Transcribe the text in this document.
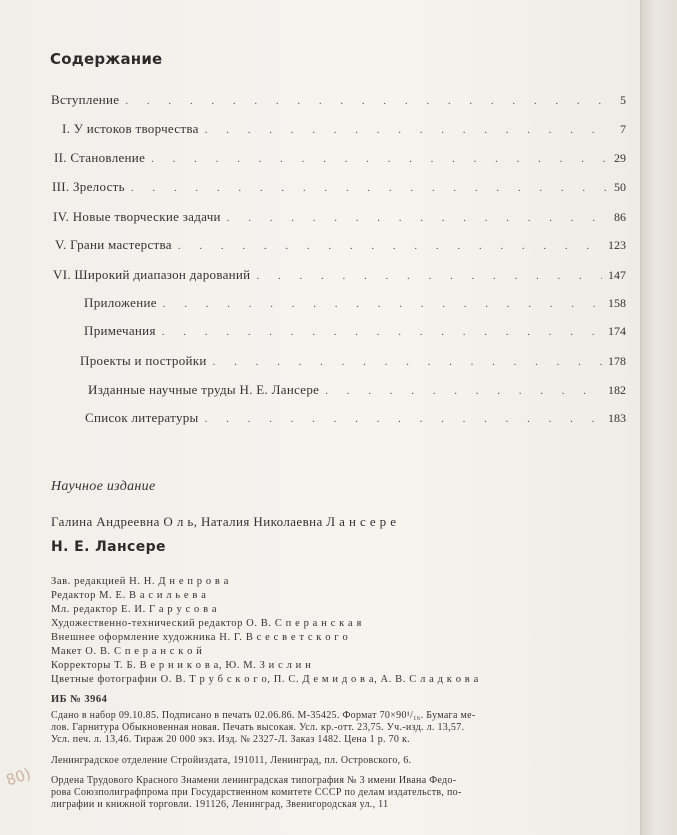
Содержание
Вступление . . .	5
I. У истоков творчества . . .	7
II. Становление . . .	29
III. Зрелость . . .	50
IV. Новые творческие задачи . . .	86
V. Грани мастерства . . .	123
VI. Широкий диапазон дарований . . .	147
Приложение . . .	158
Примечания . . .	174
Проекты и постройки . . .	178
Изданные научные труды Н. Е. Лансере . . .	182
Список литературы . . .	183

Научное издание

Галина Андреевна О л ь, Наталия Николаевна Л а н с е р е

Н. Е. Лансере
Зав. редакцией Н. Н. Д н е п р о в а
Редактор М. Е. В а с и л ь е в а
Мл. редактор Е. И. Г а р у с о в а
Художественно-технический редактор О. В. С п е р а н с к а я
Внешнее оформление художника Н. Г. В с е с в е т с к о г о
Макет О. В. С п е р а н с к о й
Корректоры Т. Б. В е р н и к о в а, Ю. М. З и с л и н
Цветные фотографии О. В. Т р у б с к о г о, П. С. Д е м и д о в а, А. В. С л а д к о в а
ИБ № 3964
Сдано в набор 09.10.85. Подписано в печать 02.06.86. М-35425. Формат 70×90¹/₁₆. Бумага ме-
лов. Гарнитура Обыкновенная новая. Печать высокая. Усл. кр.-отт. 23,75. Уч.-изд. л. 13,57.
Усл. печ. л. 13,46. Тираж 20 000 экз. Изд. № 2327-Л. Заказ 1482. Цена 1 р. 70 к.
Ленинградское отделение Стройиздата, 191011, Ленинград, пл. Островского, 6.
Ордена Трудового Красного Знамени ленинградская типография № 3 имени Ивана Федо-
рова Союзполиграфпрома при Государственном комитете СССР по делам издательств, по-
лиграфии и книжной торговли. 191126, Ленинград, Звенигородская ул., 11
80)
